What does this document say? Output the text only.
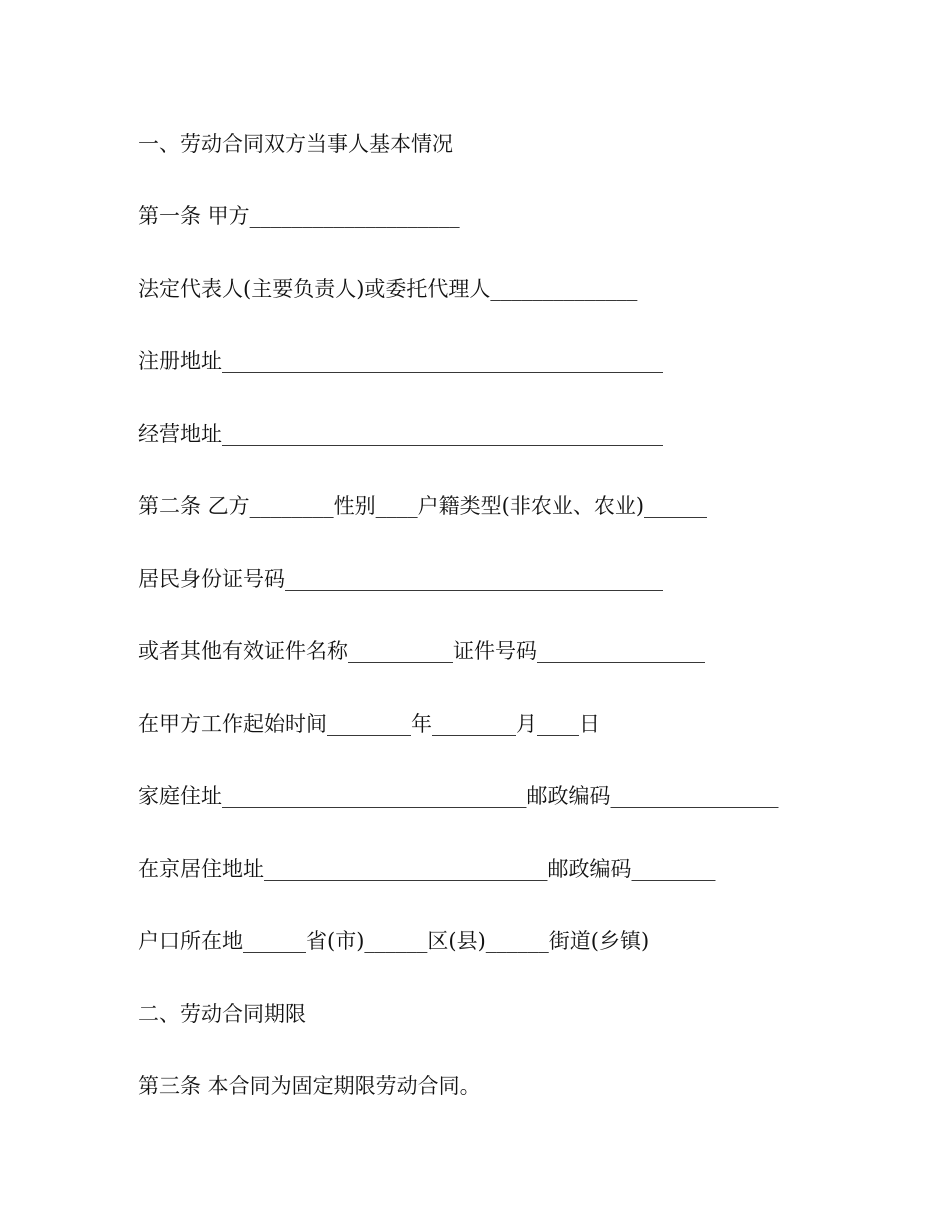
一、劳动合同双方当事人基本情况

第一条 甲方____________________

法定代表人(主要负责人)或委托代理人______________

注册地址__________________________________________

经营地址__________________________________________

第二条 乙方________性别____户籍类型(非农业、农业)______

居民身份证号码____________________________________

或者其他有效证件名称__________证件号码________________

在甲方工作起始时间________年________月____日

家庭住址_____________________________邮政编码________________

在京居住地址___________________________邮政编码________

户口所在地______省(市)______区(县)______街道(乡镇)

二、劳动合同期限

第三条 本合同为固定期限劳动合同。
